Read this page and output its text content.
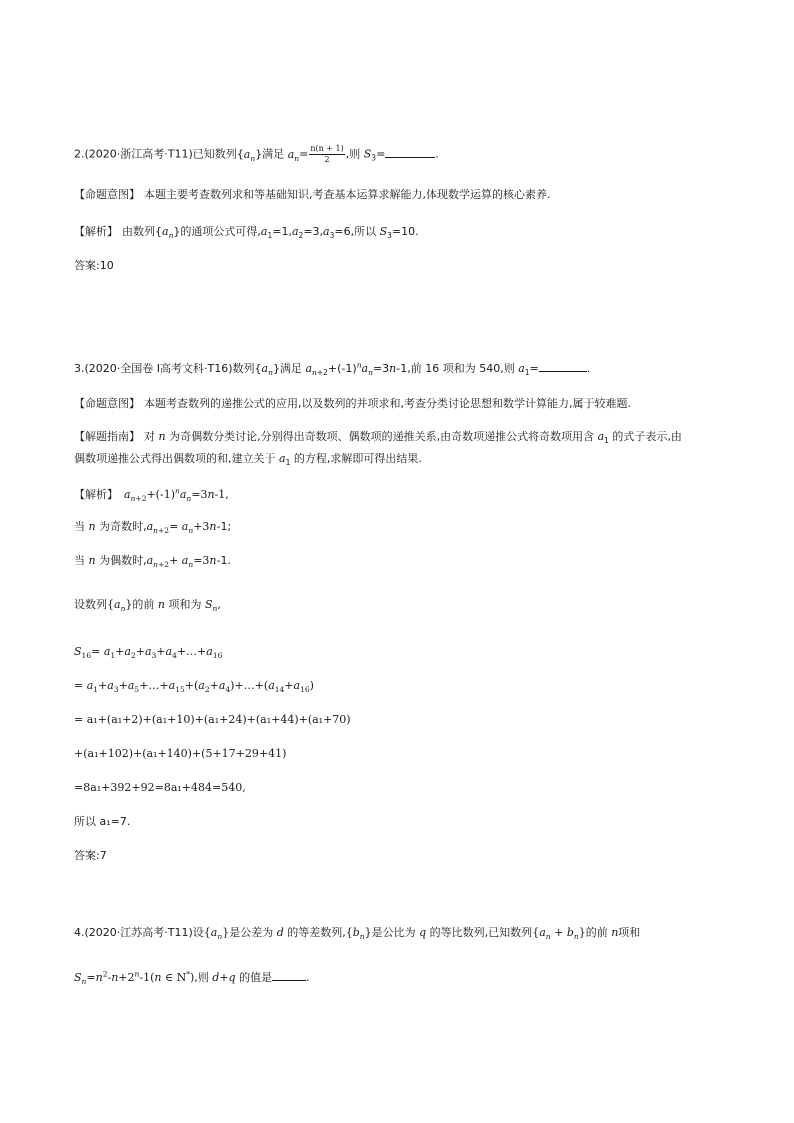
2.(2020·浙江高考·T11)已知数列$\{a_n\}$满足 $a_n= \frac{n(n + 1)}{2}$ ,则 $S_3=$	.
【命题意图】 本题主要考查数列求和等基础知识,考查基本运算求解能力,体现数学运算的核心素养.
【解析】 由数列$\{a_n\}$的通项公式可得$,a_1=1,a_2=3,a_3=6$,所以 $S_3=10$.
答案:10
3.(2020·全国卷 Ⅰ高考文科·T16)数列$\{a_n\}$满足 $a_{n+2}+(-1)^na_n=3n-1$,前 16 项和为 540,则 $a_1=$	.
【命题意图】 本题考查数列的递推公式的应用,以及数列的并项求和,考查分类讨论思想和数学计算能力,属于较难题.
【解题指南】 对 n 为奇偶数分类讨论,分别得出奇数项、偶数项的递推关系,由奇数项递推公式将奇数项用含 $a_1$ 的式子表示,由
偶数项递推公式得出偶数项的和,建立关于 $a_1$ 的方程,求解即可得出结果.
【解析】 $a_{n+2}+(-1)^na_n=3n-1$,
当 n 为奇数时$,a_{n+2}= a_n+3n-1$;
当 n 为偶数时$,a_{n+2}+ a_n=3n-1$.
设数列$\{a_n\}$的前 n 项和为 $S_n$,
$S_{16}=$ $a_1+a_2+a_3+a_4+\dots+a_{16}$
= $a_1+a_3+a_5+\dots+a_{15}+(a_2+a_4)+\dots+(a_{14}+a_{16})$
= a₁+(a₁+2)+(a₁+10)+(a₁+24)+(a₁+44)+(a₁+70)
+(a₁+102)+(a₁+140)+(5+17+29+41)
=8a₁+392+92=8a₁+484=540,
所以 a₁=7.
答案:7
4.(2020·江苏高考·T11)设$\{a_n\}$是公差为 d 的等差数列$,\{b_n\}$是公比为 q 的等比数列,已知数列$\{a_n + b_n\}$的前 n项和
$S_n=n^2-n+2^n-1(n$ ∈ N*),则 d+q 的值是	.
